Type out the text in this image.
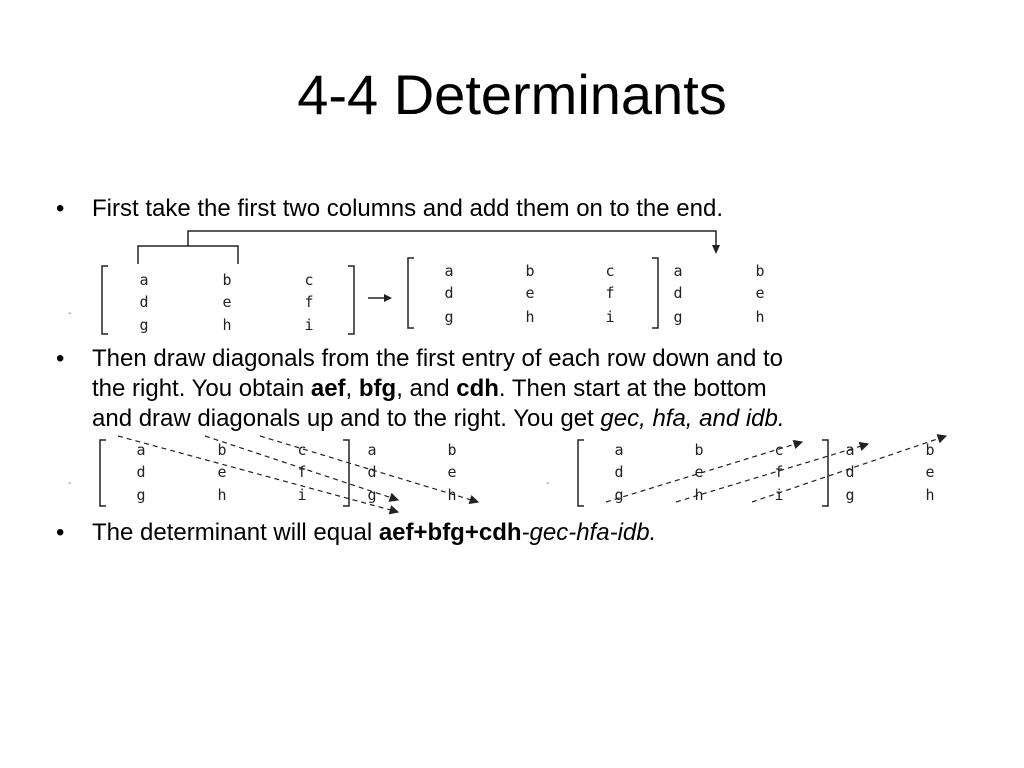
4-4 Determinants
• First take the first two columns and add them on to the end.
-
a	b	c
d	e	f
g	h	i
a	b	c	a	b
d	e	f	d	e
g	h	i	g	h
• Then draw diagonals from the first entry of each row down and to
the right. You obtain aef, bfg, and cdh. Then start at the bottom
and draw diagonals up and to the right. You get gec, hfa, and idb.
-	-
a	b	c	a	b
d	e	f	d	e
g	h	i	g	h
a	b	c	a	b
d	e	f	d	e
g	h	i	g	h
• The determinant will equal aef+bfg+cdh-gec-hfa-idb.
